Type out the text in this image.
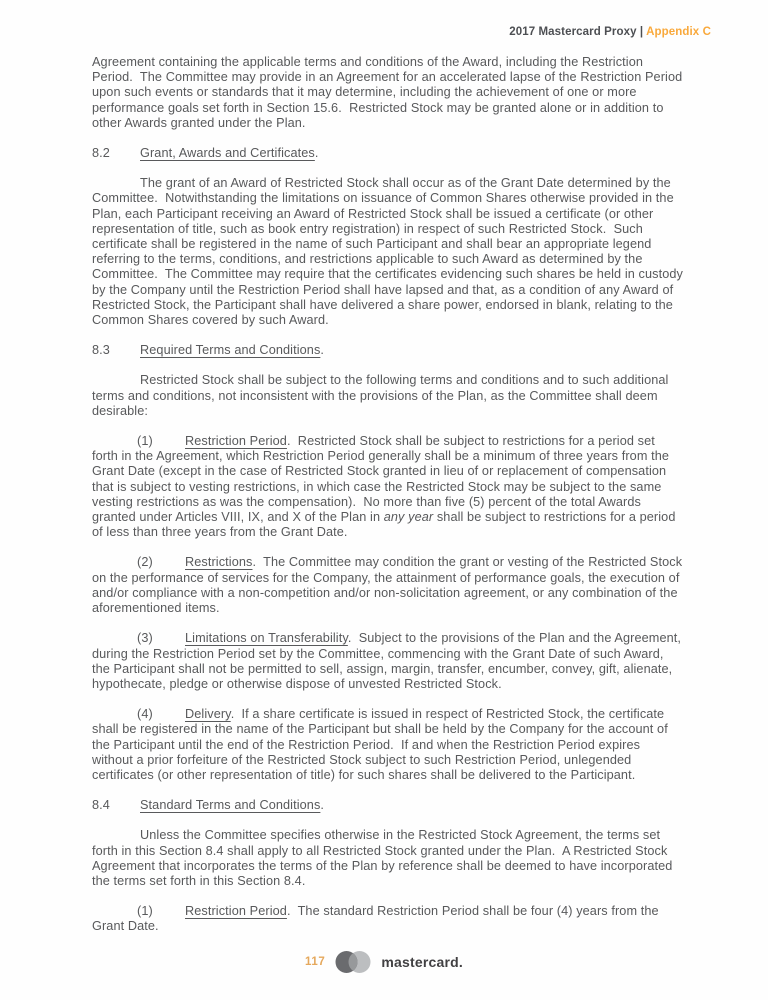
2017 Mastercard Proxy | Appendix C

Agreement containing the applicable terms and conditions of the Award, including the Restriction Period.  The Committee may provide in an Agreement for an accelerated lapse of the Restriction Period upon such events or standards that it may determine, including the achievement of one or more performance goals set forth in Section 15.6.  Restricted Stock may be granted alone or in addition to other Awards granted under the Plan.

8.2 Grant, Awards and Certificates.

The grant of an Award of Restricted Stock shall occur as of the Grant Date determined by the Committee.  Notwithstanding the limitations on issuance of Common Shares otherwise provided in the Plan, each Participant receiving an Award of Restricted Stock shall be issued a certificate (or other representation of title, such as book entry registration) in respect of such Restricted Stock.  Such certificate shall be registered in the name of such Participant and shall bear an appropriate legend referring to the terms, conditions, and restrictions applicable to such Award as determined by the Committee.  The Committee may require that the certificates evidencing such shares be held in custody by the Company until the Restriction Period shall have lapsed and that, as a condition of any Award of Restricted Stock, the Participant shall have delivered a share power, endorsed in blank, relating to the Common Shares covered by such Award.

8.3 Required Terms and Conditions.

Restricted Stock shall be subject to the following terms and conditions and to such additional terms and conditions, not inconsistent with the provisions of the Plan, as the Committee shall deem desirable:

(1)	Restriction Period.  Restricted Stock shall be subject to restrictions for a period set forth in the Agreement, which Restriction Period generally shall be a minimum of three years from the Grant Date (except in the case of Restricted Stock granted in lieu of or replacement of compensation that is subject to vesting restrictions, in which case the Restricted Stock may be subject to the same vesting restrictions as was the compensation).  No more than five (5) percent of the total Awards granted under Articles VIII, IX, and X of the Plan in any year shall be subject to restrictions for a period of less than three years from the Grant Date.

(2)	Restrictions.  The Committee may condition the grant or vesting of the Restricted Stock on the performance of services for the Company, the attainment of performance goals, the execution of and/or compliance with a non-competition and/or non-solicitation agreement, or any combination of the aforementioned items.

(3)	Limitations on Transferability.  Subject to the provisions of the Plan and the Agreement, during the Restriction Period set by the Committee, commencing with the Grant Date of such Award, the Participant shall not be permitted to sell, assign, margin, transfer, encumber, convey, gift, alienate, hypothecate, pledge or otherwise dispose of unvested Restricted Stock.

(4)	Delivery.  If a share certificate is issued in respect of Restricted Stock, the certificate shall be registered in the name of the Participant but shall be held by the Company for the account of the Participant until the end of the Restriction Period.  If and when the Restriction Period expires without a prior forfeiture of the Restricted Stock subject to such Restriction Period, unlegended certificates (or other representation of title) for such shares shall be delivered to the Participant.

8.4 Standard Terms and Conditions.

Unless the Committee specifies otherwise in the Restricted Stock Agreement, the terms set forth in this Section 8.4 shall apply to all Restricted Stock granted under the Plan.  A Restricted Stock Agreement that incorporates the terms of the Plan by reference shall be deemed to have incorporated the terms set forth in this Section 8.4.

(1)	Restriction Period.  The standard Restriction Period shall be four (4) years from the Grant Date.

117	mastercard.
